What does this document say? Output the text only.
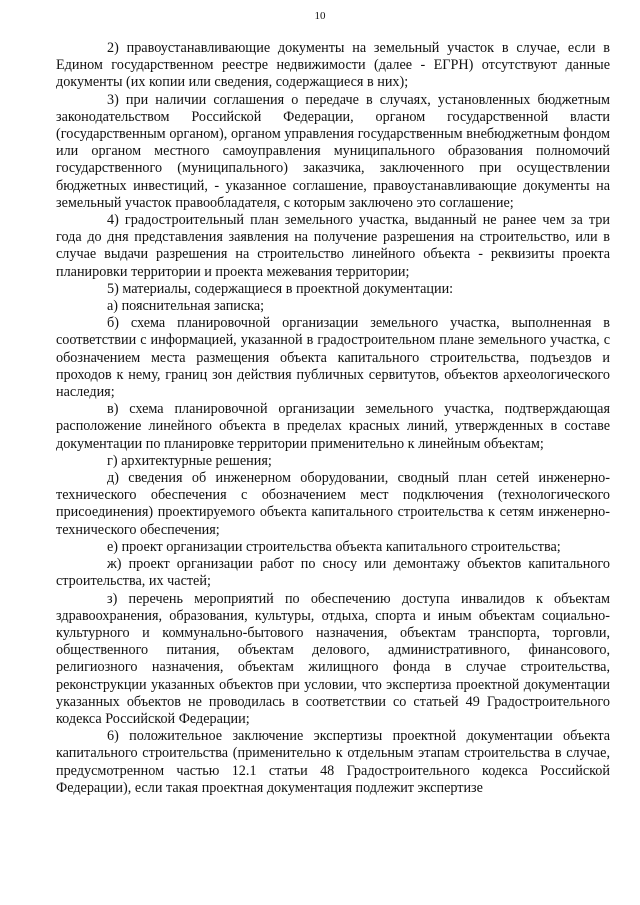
10

2) правоустанавливающие документы на земельный участок в случае, если в Едином государственном реестре недвижимости (далее - ЕГРН) отсутствуют данные документы (их копии или сведения, содержащиеся в них);

3) при наличии соглашения о передаче в случаях, установленных бюджетным законодательством Российской Федерации, органом государственной власти (государственным органом), органом управления государственным внебюджетным фондом или органом местного самоуправления муниципального образования полномочий государственного (муниципального) заказчика, заключенного при осуществлении бюджетных инвестиций, - указанное соглашение, правоустанавливающие документы на земельный участок правообладателя, с которым заключено это соглашение;

4) градостроительный план земельного участка, выданный не ранее чем за три года до дня представления заявления на получение разрешения на строительство, или в случае выдачи разрешения на строительство линейного объекта - реквизиты проекта планировки территории и проекта межевания территории;

5) материалы, содержащиеся в проектной документации:

а) пояснительная записка;

б) схема планировочной организации земельного участка, выполненная в соответствии с информацией, указанной в градостроительном плане земельного участка, с обозначением места размещения объекта капитального строительства, подъездов и проходов к нему, границ зон действия публичных сервитутов, объектов археологического наследия;

в) схема планировочной организации земельного участка, подтверждающая расположение линейного объекта в пределах красных линий, утвержденных в составе документации по планировке территории применительно к линейным объектам;

г) архитектурные решения;

д) сведения об инженерном оборудовании, сводный план сетей инженерно-технического обеспечения с обозначением мест подключения (технологического присоединения) проектируемого объекта капитального строительства к сетям инженерно-технического обеспечения;

е) проект организации строительства объекта капитального строительства;

ж) проект организации работ по сносу или демонтажу объектов капитального строительства, их частей;

з) перечень мероприятий по обеспечению доступа инвалидов к объектам здравоохранения, образования, культуры, отдыха, спорта и иным объектам социально-культурного и коммунально-бытового назначения, объектам транспорта, торговли, общественного питания, объектам делового, административного, финансового, религиозного назначения, объектам жилищного фонда в случае строительства, реконструкции указанных объектов при условии, что экспертиза проектной документации указанных объектов не проводилась в соответствии со статьей 49 Градостроительного кодекса Российской Федерации;

6) положительное заключение экспертизы проектной документации объекта капитального строительства (применительно к отдельным этапам строительства в случае, предусмотренном частью 12.1 статьи 48 Градостроительного кодекса Российской Федерации), если такая проектная документация подлежит экспертизе
